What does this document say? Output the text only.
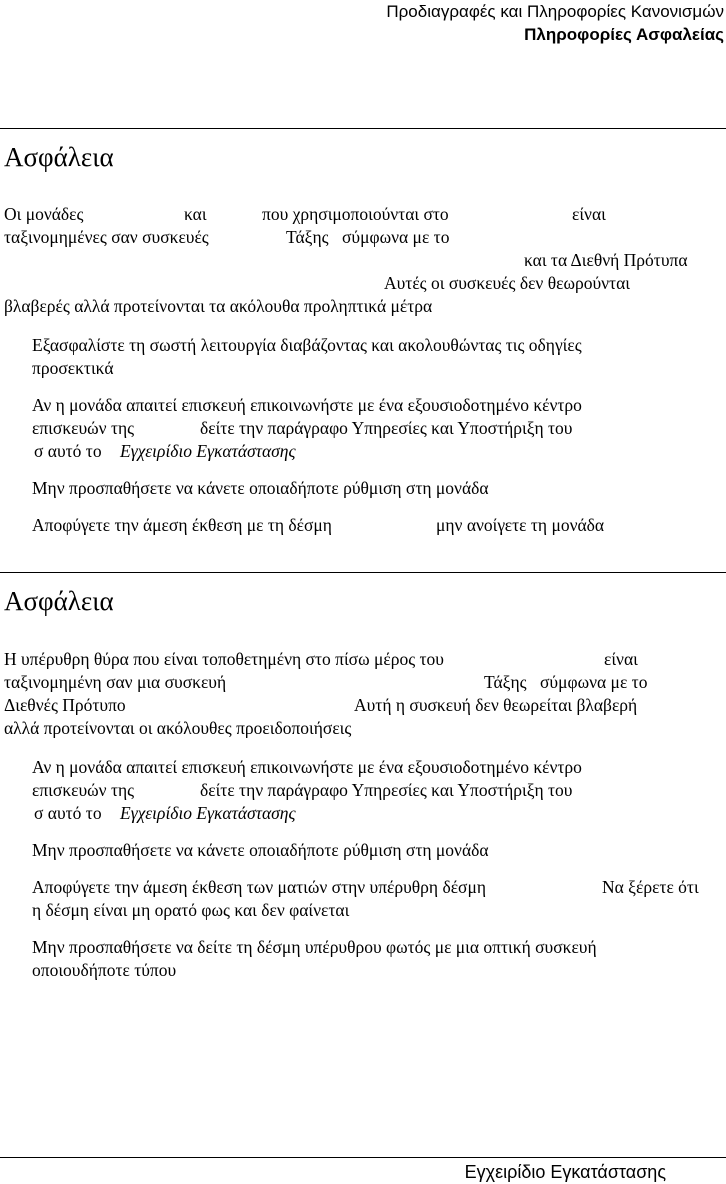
Προδιαγραφές και Πληροφορίες Κανονισμών
Πληροφορίες Ασφαλείας
Ασφάλεια
Οι μονάδες	και	που χρησιμοποιούνται στο	είναι
ταξινομημένες σαν συσκευές	Τάξης σύμφωνα με το
και τα Διεθνή Πρότυπα
Αυτές οι συσκευές δεν θεωρούνται
βλαβερές αλλά προτείνονται τα ακόλουθα προληπτικά μέτρα
Εξασφαλίστε τη σωστή λειτουργία διαβάζοντας και ακολουθώντας τις οδηγίες
προσεκτικά
Αν η μονάδα απαιτεί επισκευή επικοινωνήστε με ένα εξουσιοδοτημένο κέντρο
επισκευών της	δείτε την παράγραφο Υπηρεσίες και Υποστήριξη του
σ αυτό το Εγχειρίδιο Εγκατάστασης
Μην προσπαθήσετε να κάνετε οποιαδήποτε ρύθμιση στη μονάδα
Αποφύγετε την άμεση έκθεση με τη δέσμη	μην ανοίγετε τη μονάδα
Ασφάλεια
Η υπέρυθρη θύρα που είναι τοποθετημένη στο πίσω μέρος του	είναι
ταξινομημένη σαν μια συσκευή	Τάξης σύμφωνα με το
Διεθνές Πρότυπο	Αυτή η συσκευή δεν θεωρείται βλαβερή
αλλά προτείνονται οι ακόλουθες προειδοποιήσεις
Αν η μονάδα απαιτεί επισκευή επικοινωνήστε με ένα εξουσιοδοτημένο κέντρο
επισκευών της	δείτε την παράγραφο Υπηρεσίες και Υποστήριξη του
σ αυτό το Εγχειρίδιο Εγκατάστασης
Μην προσπαθήσετε να κάνετε οποιαδήποτε ρύθμιση στη μονάδα
Αποφύγετε την άμεση έκθεση των ματιών στην υπέρυθρη δέσμη	Να ξέρετε ότι
η δέσμη είναι μη ορατό φως και δεν φαίνεται
Μην προσπαθήσετε να δείτε τη δέσμη υπέρυθρου φωτός με μια οπτική συσκευή
οποιουδήποτε τύπου
Εγχειρίδιο Εγκατάστασης
